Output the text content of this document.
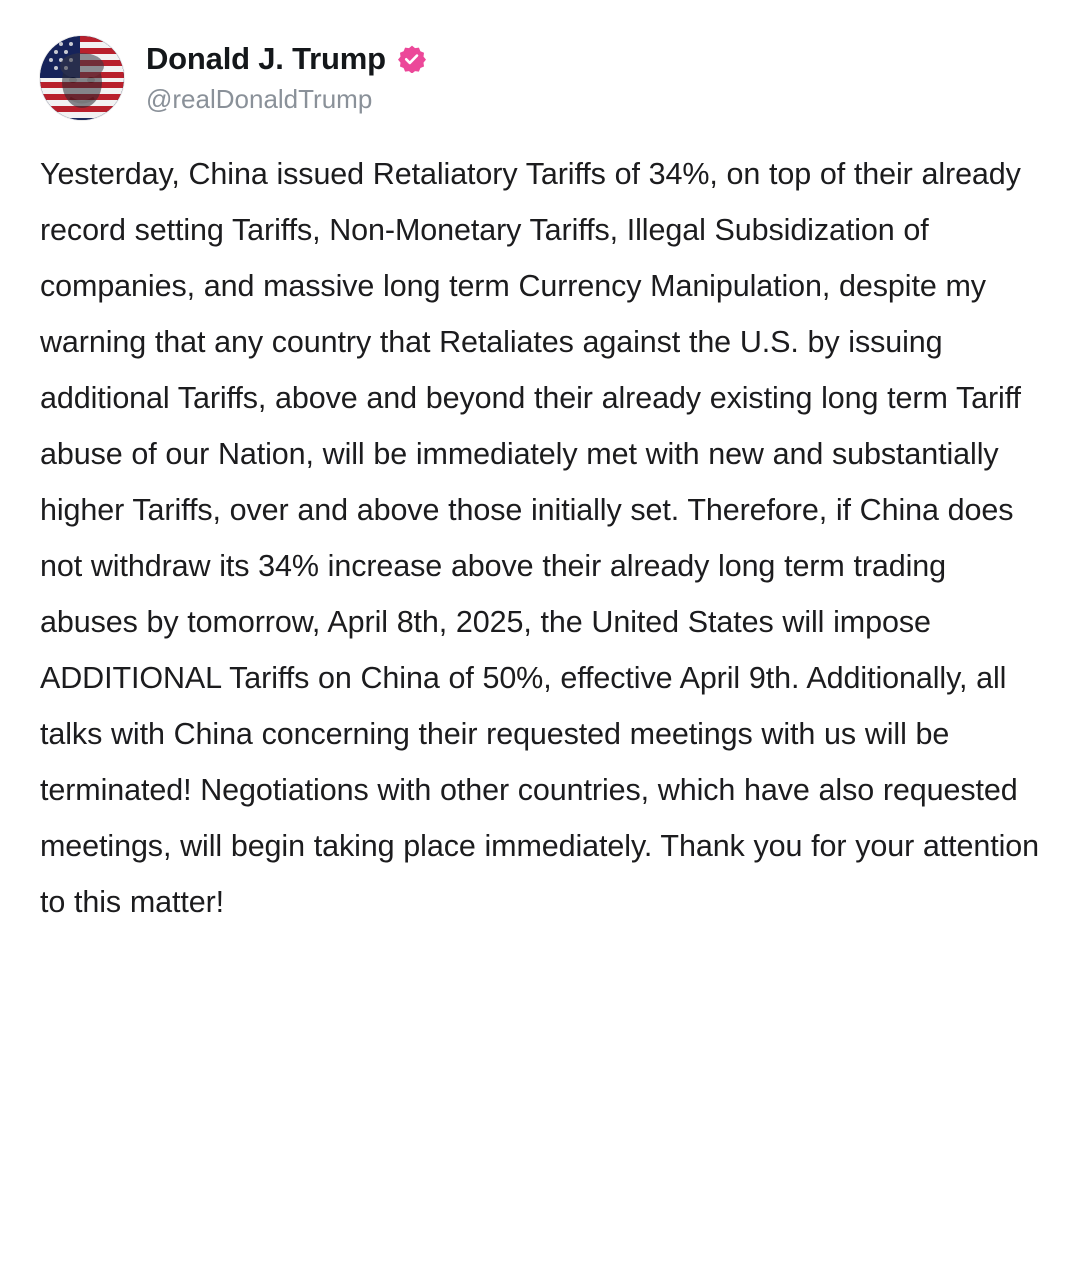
Donald J. Trump
@realDonaldTrump
Yesterday, China issued Retaliatory Tariffs of 34%, on top of their already record setting Tariffs, Non-Monetary Tariffs, Illegal Subsidization of companies, and massive long term Currency Manipulation, despite my warning that any country that Retaliates against the U.S. by issuing additional Tariffs, above and beyond their already existing long term Tariff abuse of our Nation, will be immediately met with new and substantially higher Tariffs, over and above those initially set. Therefore, if China does not withdraw its 34% increase above their already long term trading abuses by tomorrow, April 8th, 2025, the United States will impose ADDITIONAL Tariffs on China of 50%, effective April 9th. Additionally, all talks with China concerning their requested meetings with us will be terminated! Negotiations with other countries, which have also requested meetings, will begin taking place immediately. Thank you for your attention to this matter!
